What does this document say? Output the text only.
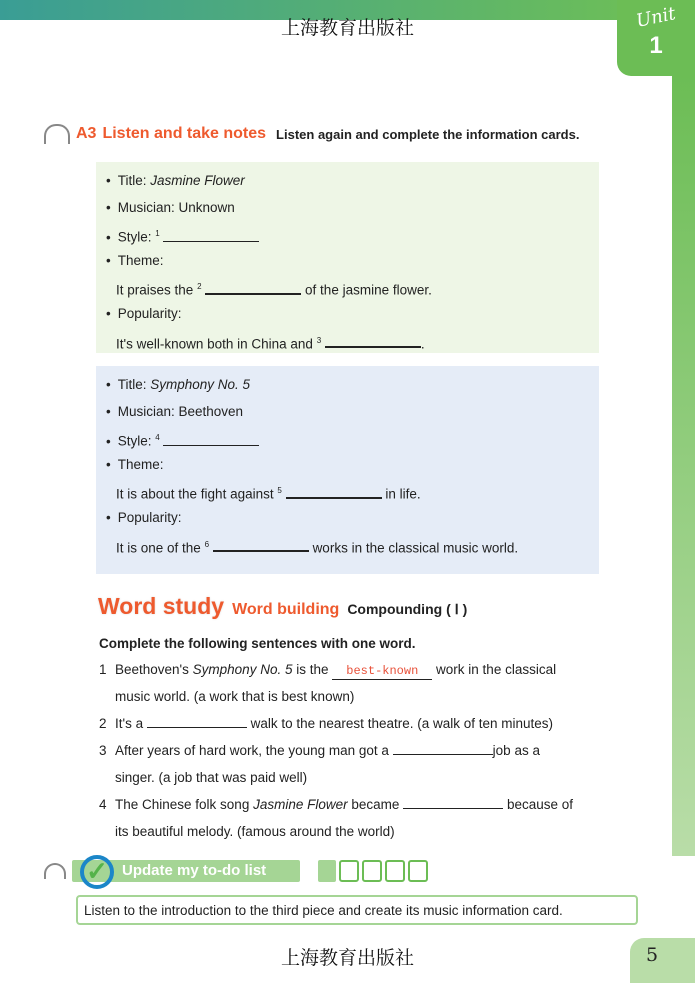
上海教育出版社	Unit
1
A3 Listen and take notes Listen again and complete the information cards.
• Title: Jasmine Flower
• Musician: Unknown
• Style: $^1$
• Theme:
It praises the $^2$	of the jasmine flower.
• Popularity:
It's well-known both in China and $^3$	.
• Title: Symphony No. 5
• Musician: Beethoven
• Style: $^4$
• Theme:
It is about the fight against $^5$	in life.
• Popularity:
It is one of the $^6$	works in the classical music world.
Word study Word building Compounding ( Ⅰ )
Complete the following sentences with one word.
1 Beethoven's Symphony No. 5 is the best-known work in the classical
music world. (a work that is best known)
2 It's a	walk to the nearest theatre. (a walk of ten minutes)
3 After years of hard work, the young man got a	job as a
singer. (a job that was paid well)
4 The Chinese folk song Jasmine Flower became	because of
its beautiful melody. (famous around the world)
✓ Update my to-do list
Listen to the introduction to the third piece and create its music information card.
上海教育出版社	5
